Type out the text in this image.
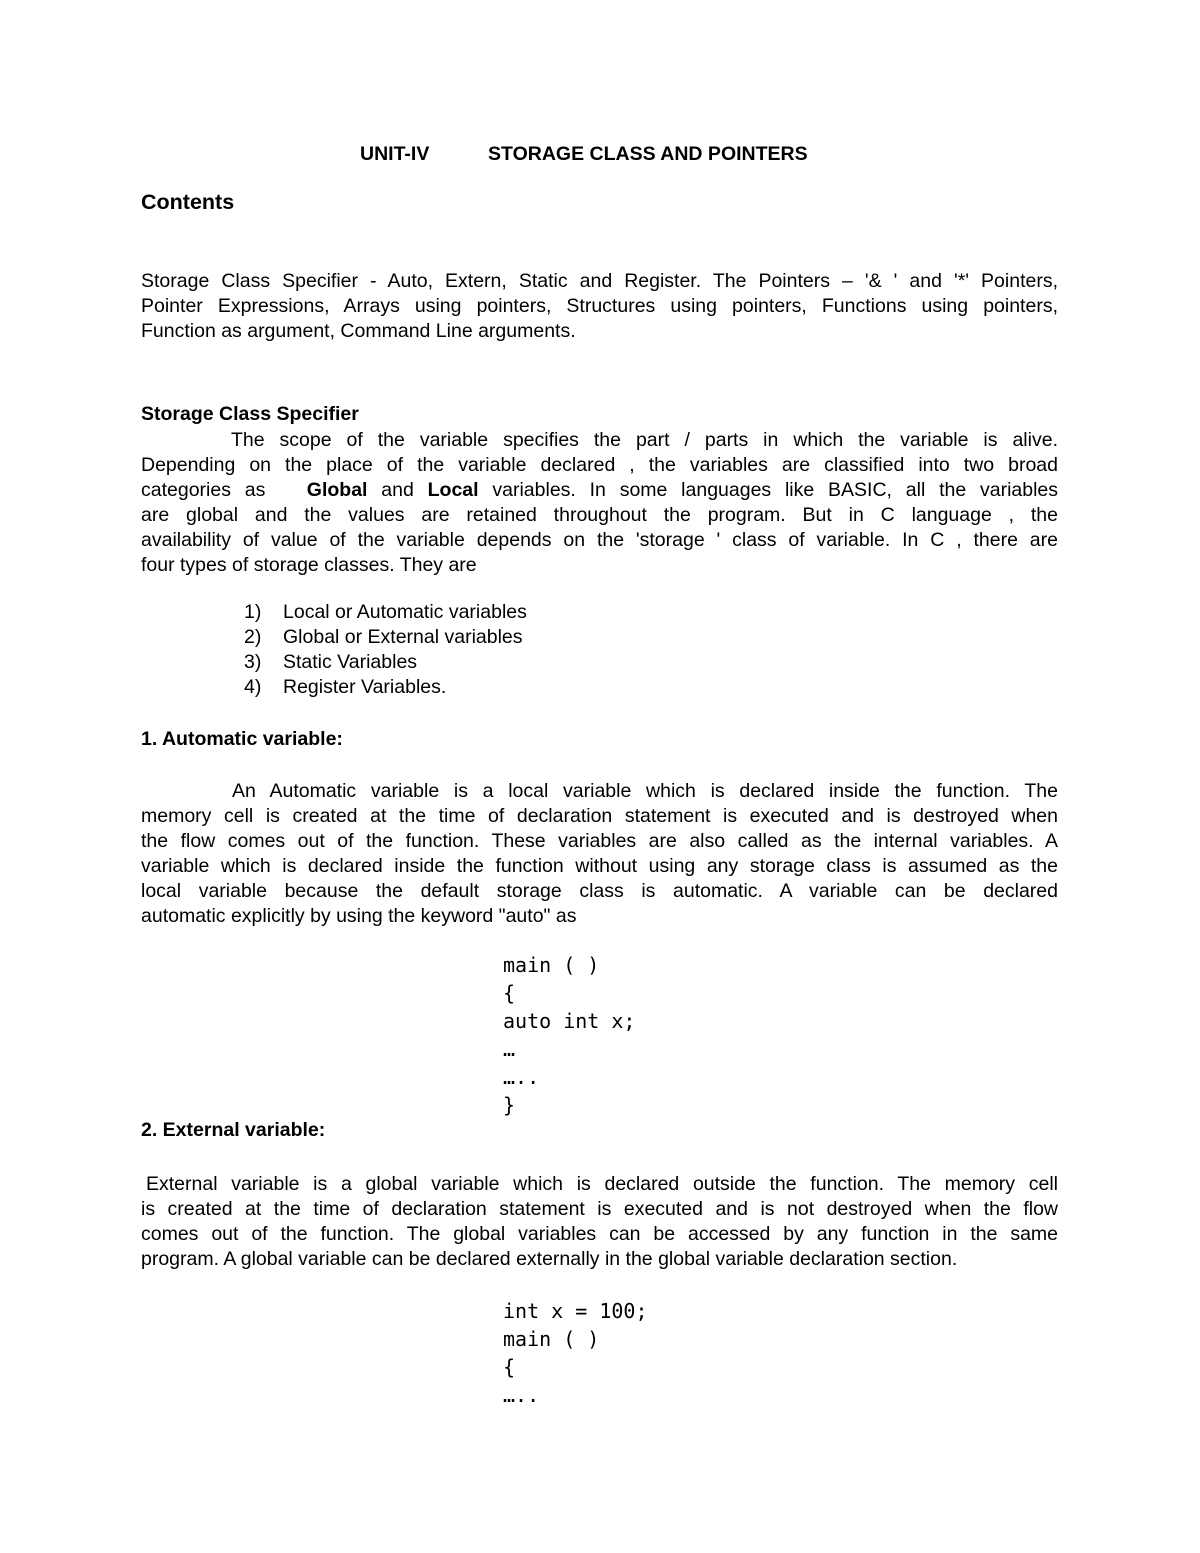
UNIT-IV	STORAGE CLASS AND POINTERS
Contents
Storage Class Specifier - Auto, Extern, Static and Register. The Pointers – '& ' and '*' Pointers,
Pointer Expressions, Arrays using pointers, Structures using pointers, Functions using pointers,
Function as argument, Command Line arguments.
Storage Class Specifier
The scope of the variable specifies the part / parts in which the variable is alive.
Depending on the place of the variable declared , the variables are classified into two broad
categories as Global and Local variables. In some languages like BASIC, all the variables
are global and the values are retained throughout the program. But in C language , the
availability of value of the variable depends on the 'storage ' class of variable. In C , there are
four types of storage classes. They are
1) Local or Automatic variables
2) Global or External variables
3) Static Variables
4) Register Variables.
1. Automatic variable:
An Automatic variable is a local variable which is declared inside the function. The
memory cell is created at the time of declaration statement is executed and is destroyed when
the flow comes out of the function. These variables are also called as the internal variables. A
variable which is declared inside the function without using any storage class is assumed as the
local variable because the default storage class is automatic. A variable can be declared
automatic explicitly by using the keyword "auto" as
main ( )
{
auto int x;
…
…..
}
2. External variable:
External variable is a global variable which is declared outside the function. The memory cell
is created at the time of declaration statement is executed and is not destroyed when the flow
comes out of the function. The global variables can be accessed by any function in the same
program. A global variable can be declared externally in the global variable declaration section.
int x = 100;
main ( )
{
…..
